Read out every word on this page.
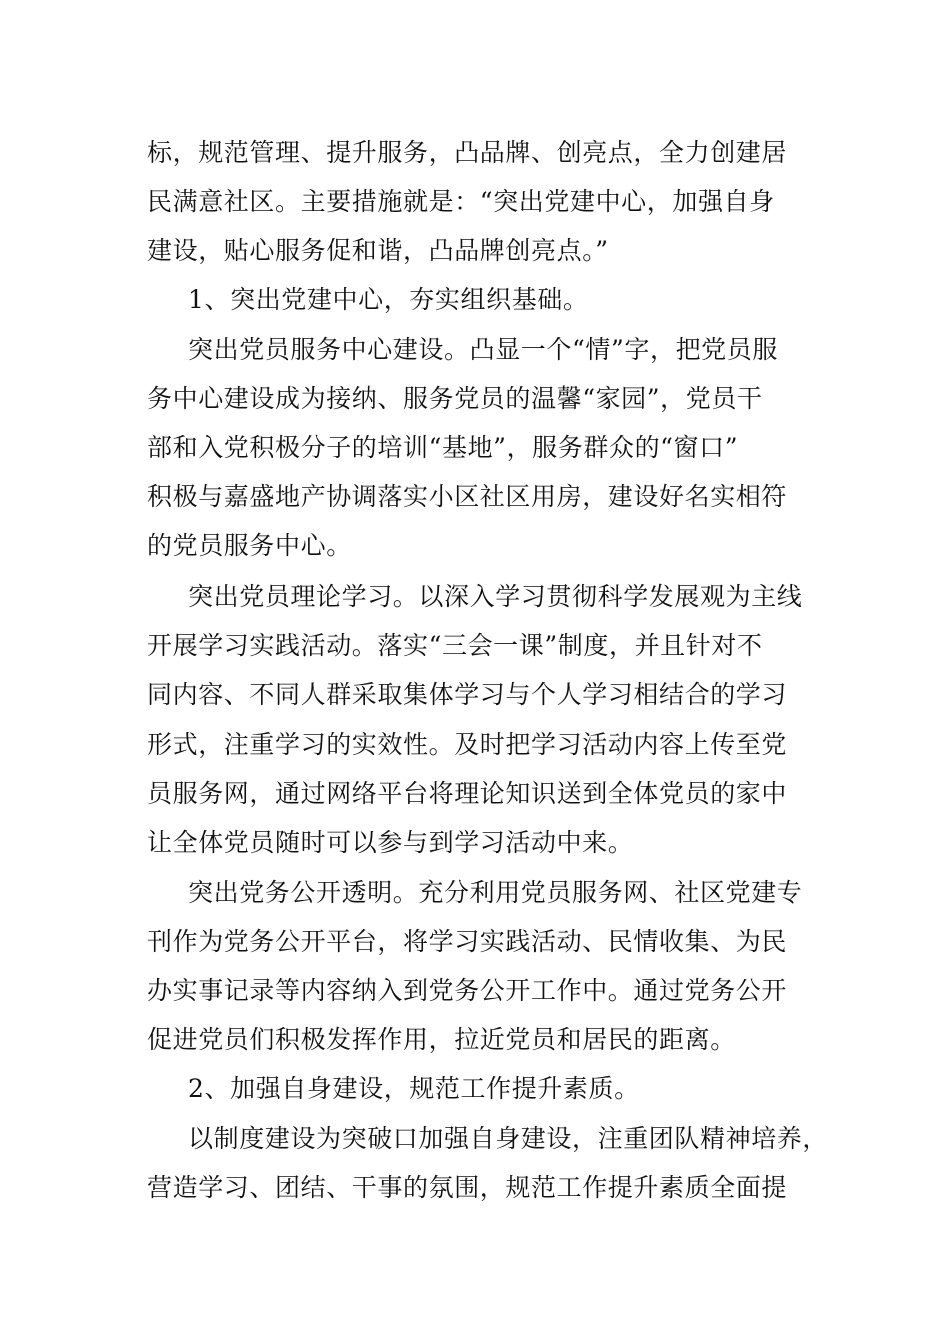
标，规范管理、提升服务，凸品牌、创亮点，全力创建居
民满意社区。主要措施就是：“突出党建中心，加强自身
建设，贴心服务促和谐，凸品牌创亮点。”
1、突出党建中心，夯实组织基础。
突出党员服务中心建设。凸显一个“情”字，把党员服
务中心建设成为接纳、服务党员的温馨“家园”，党员干
部和入党积极分子的培训“基地”，服务群众的“窗口”
积极与嘉盛地产协调落实小区社区用房，建设好名实相符
的党员服务中心。
突出党员理论学习。以深入学习贯彻科学发展观为主线
开展学习实践活动。落实“三会一课”制度，并且针对不
同内容、不同人群采取集体学习与个人学习相结合的学习
形式，注重学习的实效性。及时把学习活动内容上传至党
员服务网，通过网络平台将理论知识送到全体党员的家中
让全体党员随时可以参与到学习活动中来。
突出党务公开透明。充分利用党员服务网、社区党建专
刊作为党务公开平台，将学习实践活动、民情收集、为民
办实事记录等内容纳入到党务公开工作中。通过党务公开
促进党员们积极发挥作用，拉近党员和居民的距离。
2、加强自身建设，规范工作提升素质。
以制度建设为突破口加强自身建设，注重团队精神培养，
营造学习、团结、干事的氛围，规范工作提升素质全面提
